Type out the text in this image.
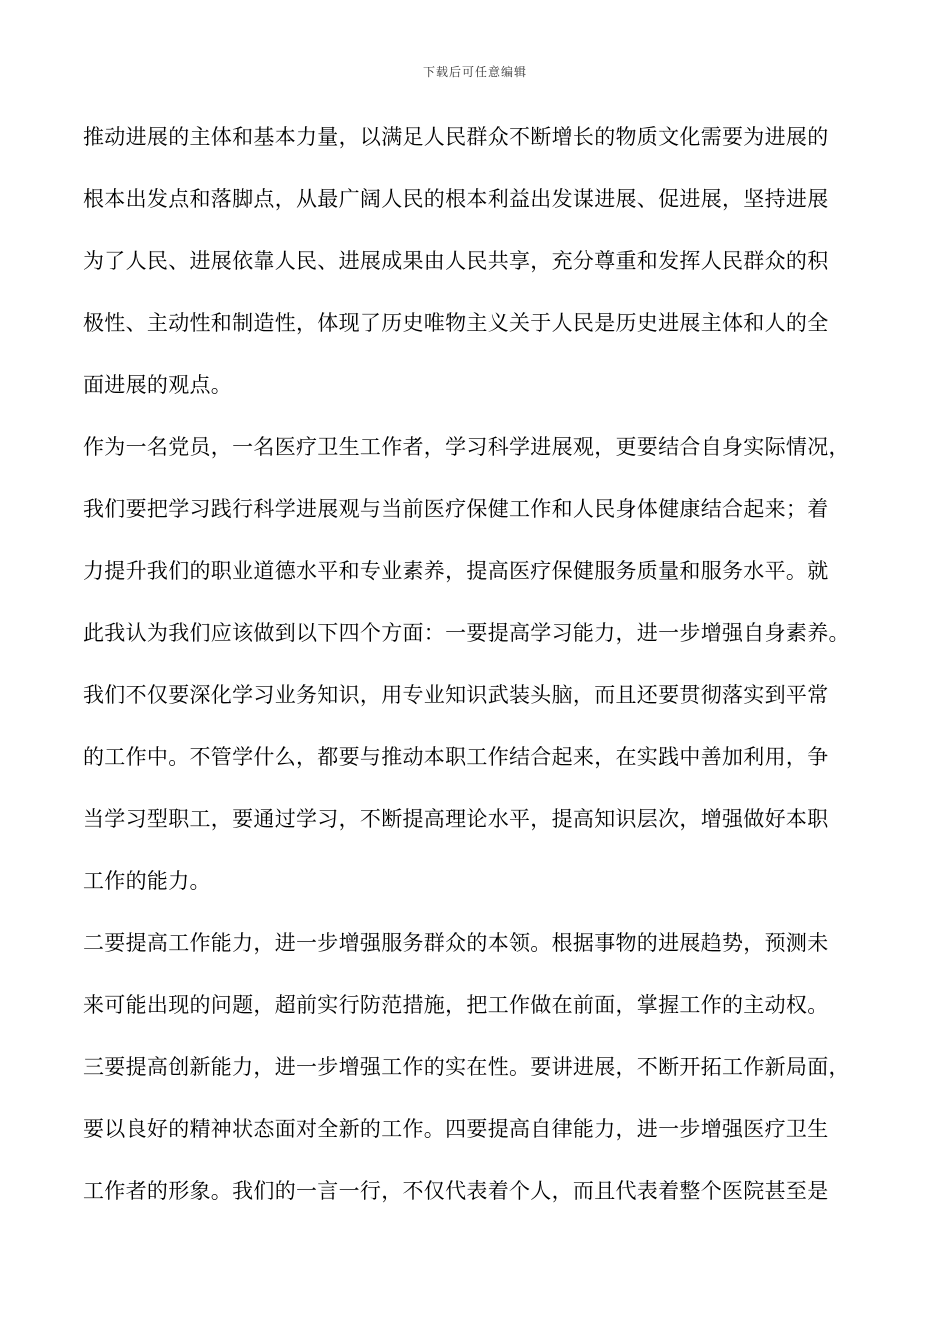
下载后可任意编辑
推动进展的主体和基本力量，以满足人民群众不断增长的物质文化需要为进展的
根本出发点和落脚点，从最广阔人民的根本利益出发谋进展、促进展，坚持进展
为了人民、进展依靠人民、进展成果由人民共享，充分尊重和发挥人民群众的积
极性、主动性和制造性，体现了历史唯物主义关于人民是历史进展主体和人的全
面进展的观点。
作为一名党员，一名医疗卫生工作者，学习科学进展观，更要结合自身实际情况，
我们要把学习践行科学进展观与当前医疗保健工作和人民身体健康结合起来；着
力提升我们的职业道德水平和专业素养，提高医疗保健服务质量和服务水平。就
此我认为我们应该做到以下四个方面：一要提高学习能力，进一步增强自身素养。
我们不仅要深化学习业务知识，用专业知识武装头脑，而且还要贯彻落实到平常
的工作中。不管学什么，都要与推动本职工作结合起来，在实践中善加利用，争
当学习型职工，要通过学习，不断提高理论水平，提高知识层次，增强做好本职
工作的能力。
二要提高工作能力，进一步增强服务群众的本领。根据事物的进展趋势，预测未
来可能出现的问题，超前实行防范措施，把工作做在前面，掌握工作的主动权。
三要提高创新能力，进一步增强工作的实在性。要讲进展，不断开拓工作新局面，
要以良好的精神状态面对全新的工作。四要提高自律能力，进一步增强医疗卫生
工作者的形象。我们的一言一行，不仅代表着个人，而且代表着整个医院甚至是
